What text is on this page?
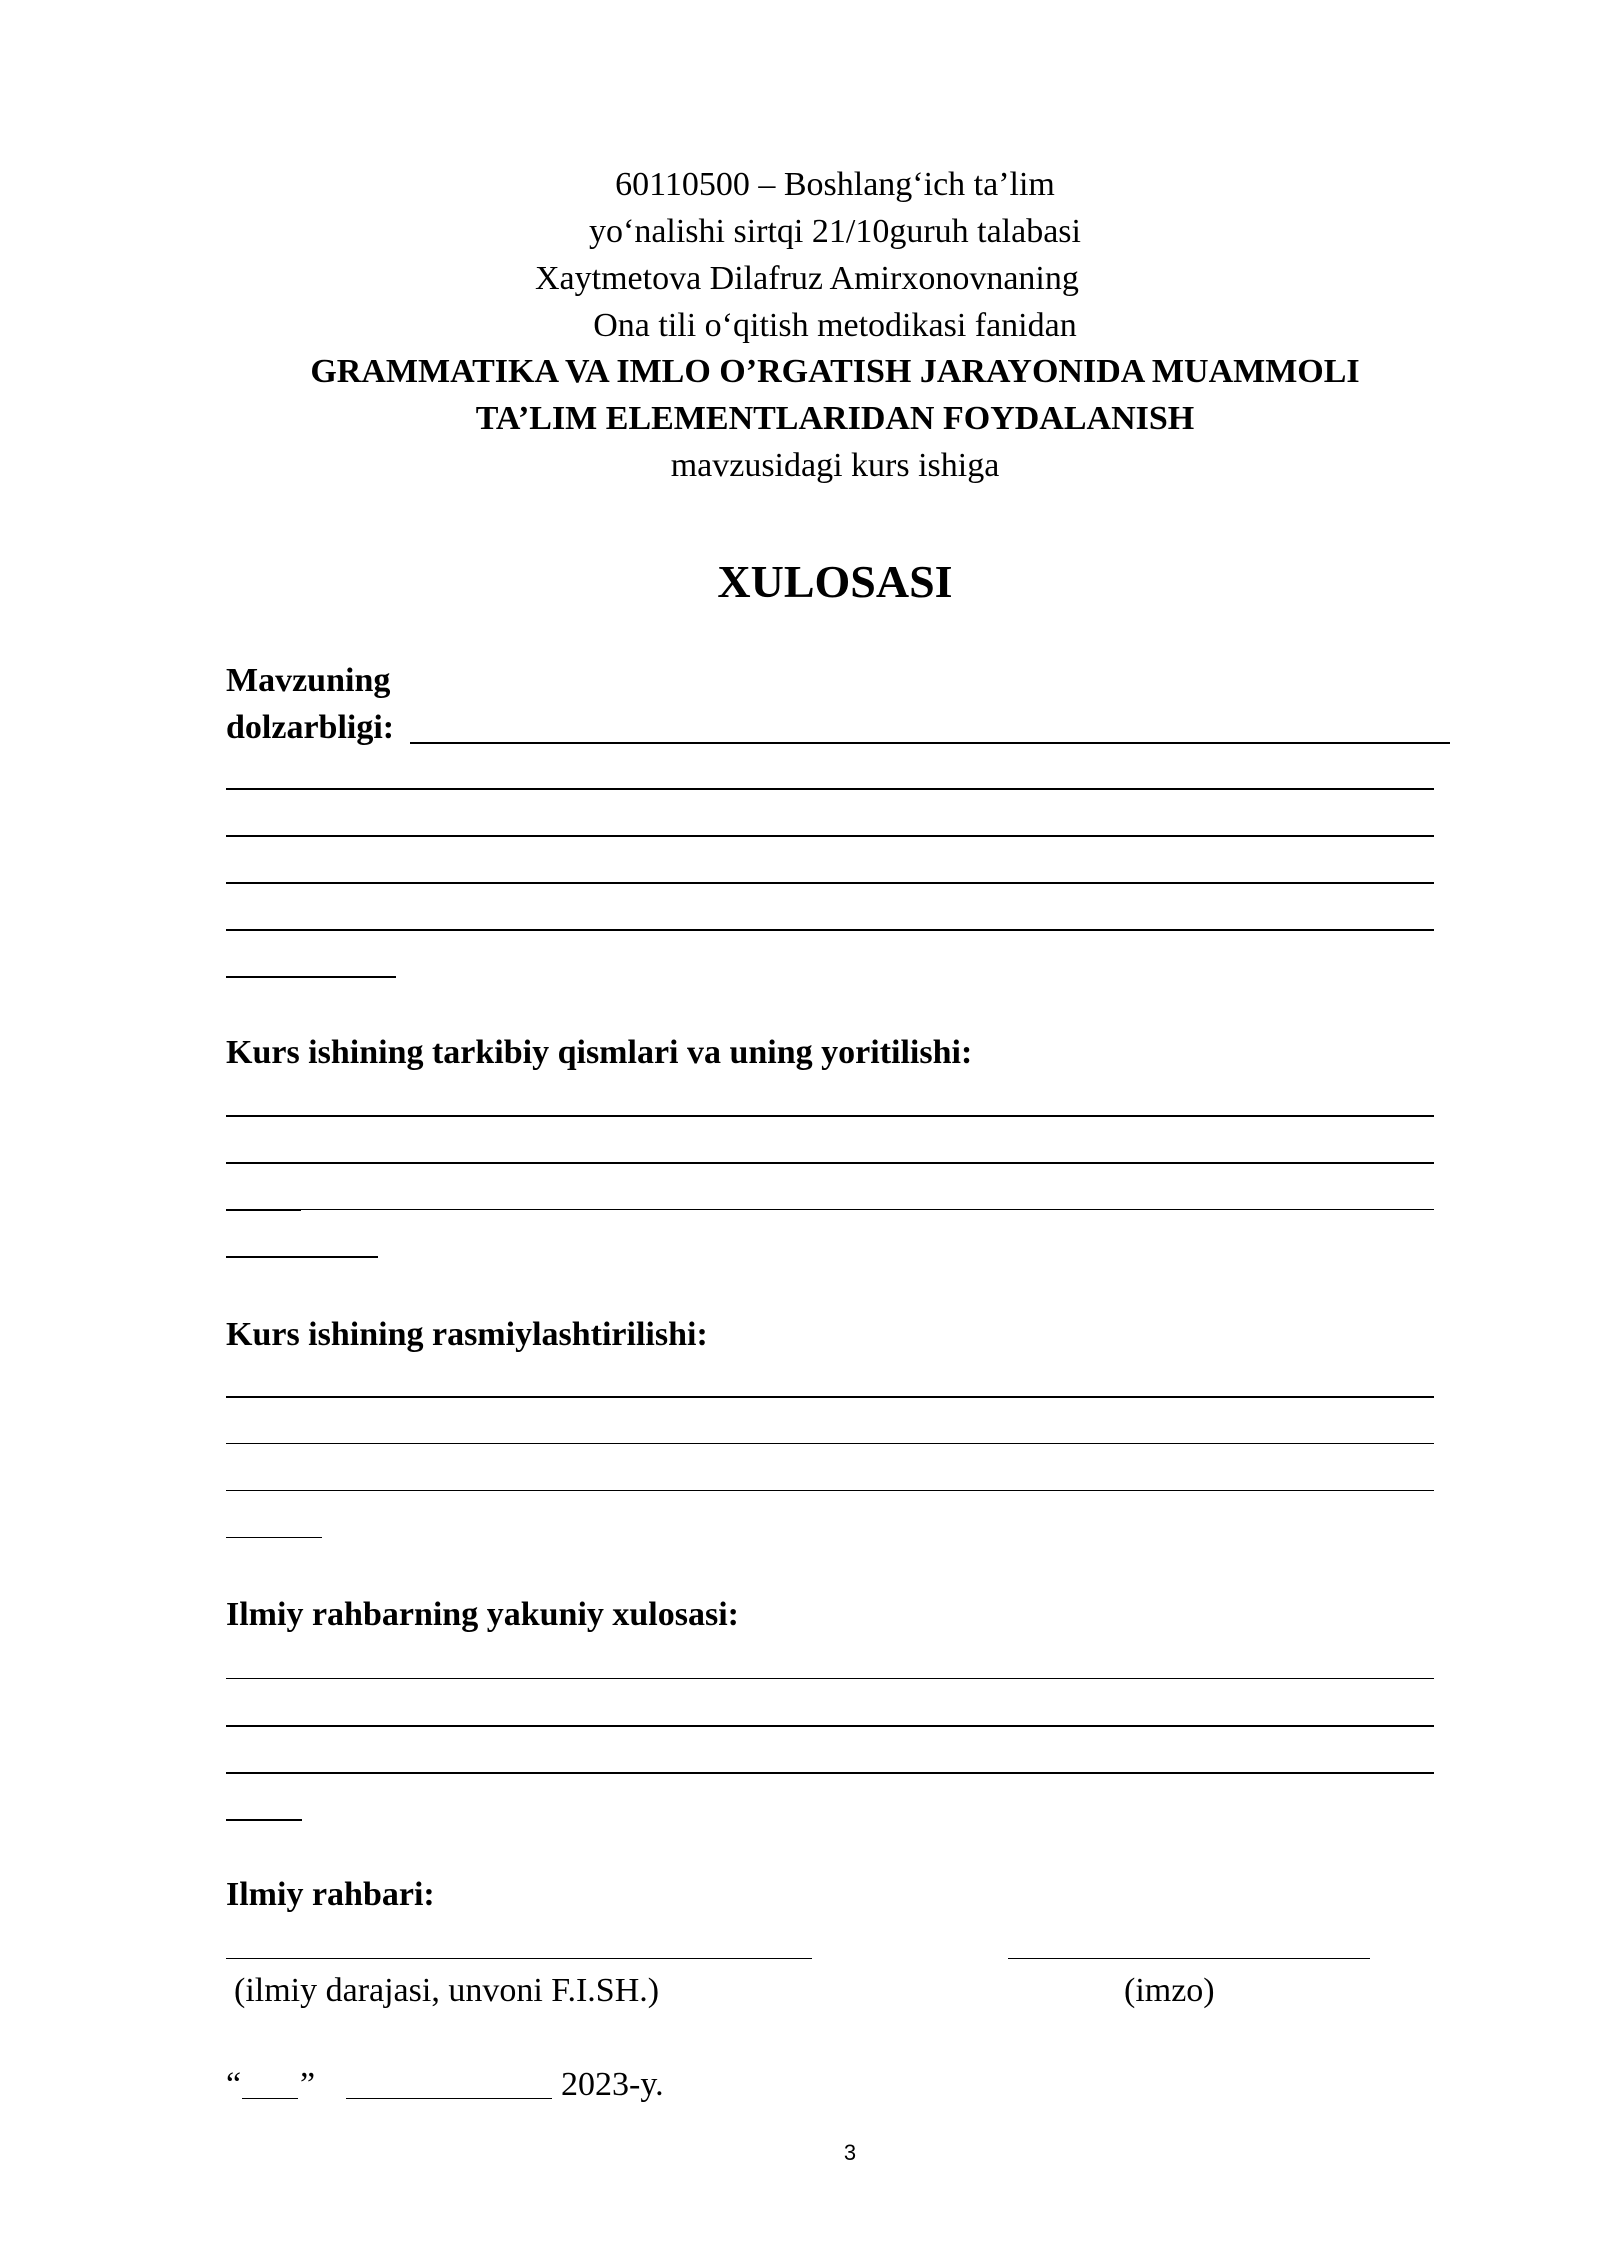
60110500 – Boshlang‘ich ta’lim
yo‘nalishi sirtqi 21/10guruh talabasi
Xaytmetova Dilafruz Amirxonovnaning
Ona tili o‘qitish metodikasi fanidan
GRAMMATIKA VA IMLO O’RGATISH JARAYONIDA MUAMMOLI
TA’LIM ELEMENTLARIDAN FOYDALANISH
mavzusidagi kurs ishiga
XULOSASI
Mavzuning
dolzarbligi:
Kurs ishining tarkibiy qismlari va uning yoritilishi:
Kurs ishining rasmiylashtirilishi:
Ilmiy rahbarning yakuniy xulosasi:
Ilmiy rahbari:
(ilmiy darajasi, unvoni F.I.SH.)	(imzo)
“ ”	2023-y.
3
